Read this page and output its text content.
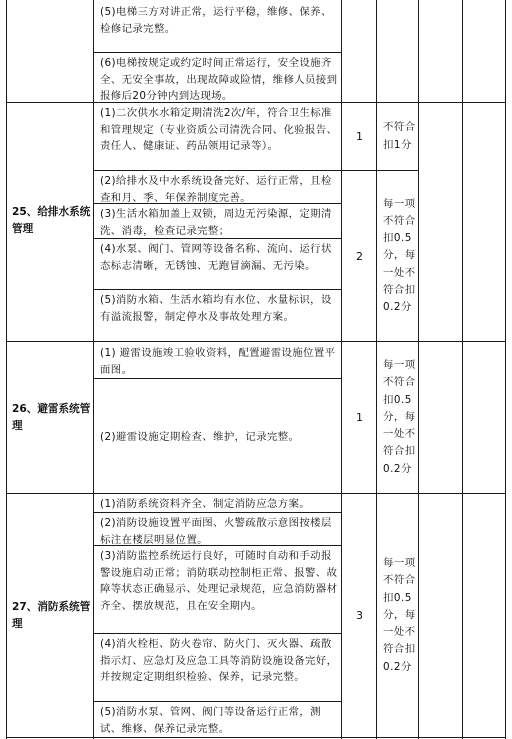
(5)电梯三方对讲正常，运行平稳，维修、保养、检修记录完整。
(6)电梯按规定或约定时间正常运行，安全设施齐全、无安全事故，出现故障或险情，维修人员接到报修后20分钟内到达现场。
25、给排水系统管理
(1)二次供水水箱定期清洗2次/年，符合卫生标准和管理规定（专业资质公司清洗合同、化验报告、责任人、健康证、药品领用记录等）。
(2)给排水及中水系统设备完好、运行正常，且检查和月、季、年保养制度完善。
(3)生活水箱加盖上双锁，周边无污染源，定期清洗、消毒，检查记录完整；
(4)水泵、阀门、管网等设备名称、流向、运行状态标志清晰，无锈蚀、无跑冒滴漏、无污染。
(5)消防水箱、生活水箱均有水位、水量标识，设有溢流报警，制定停水及事故处理方案。
1
不符合扣1分
2
每一项不符合扣0.5分，每一处不符合扣0.2分
26、避雷系统管理
(1) 避雷设施竣工验收资料，配置避雷设施位置平面图。
(2)避雷设施定期检查、维护，记录完整。
1
每一项不符合扣0.5分，每一处不符合扣0.2分
27、消防系统管理
(1)消防系统资料齐全、制定消防应急方案。
(2)消防设施设置平面图、火警疏散示意图按楼层标注在楼层明显位置。
(3)消防监控系统运行良好，可随时自动和手动报警设施启动正常；消防联动控制柜正常、报警、故障等状态正确显示、处理记录规范，应急消防器材齐全、摆放规范，且在安全期内。
(4)消火栓柜、防火卷帘、防火门、灭火器、疏散指示灯、应急灯及应急工具等消防设施设备完好，并按规定定期组织检验、保养，记录完整。
(5)消防水泵、管网、阀门等设备运行正常，测试、维修、保养记录完整。
3
每一项不符合扣0.5分，每一处不符合扣0.2分
